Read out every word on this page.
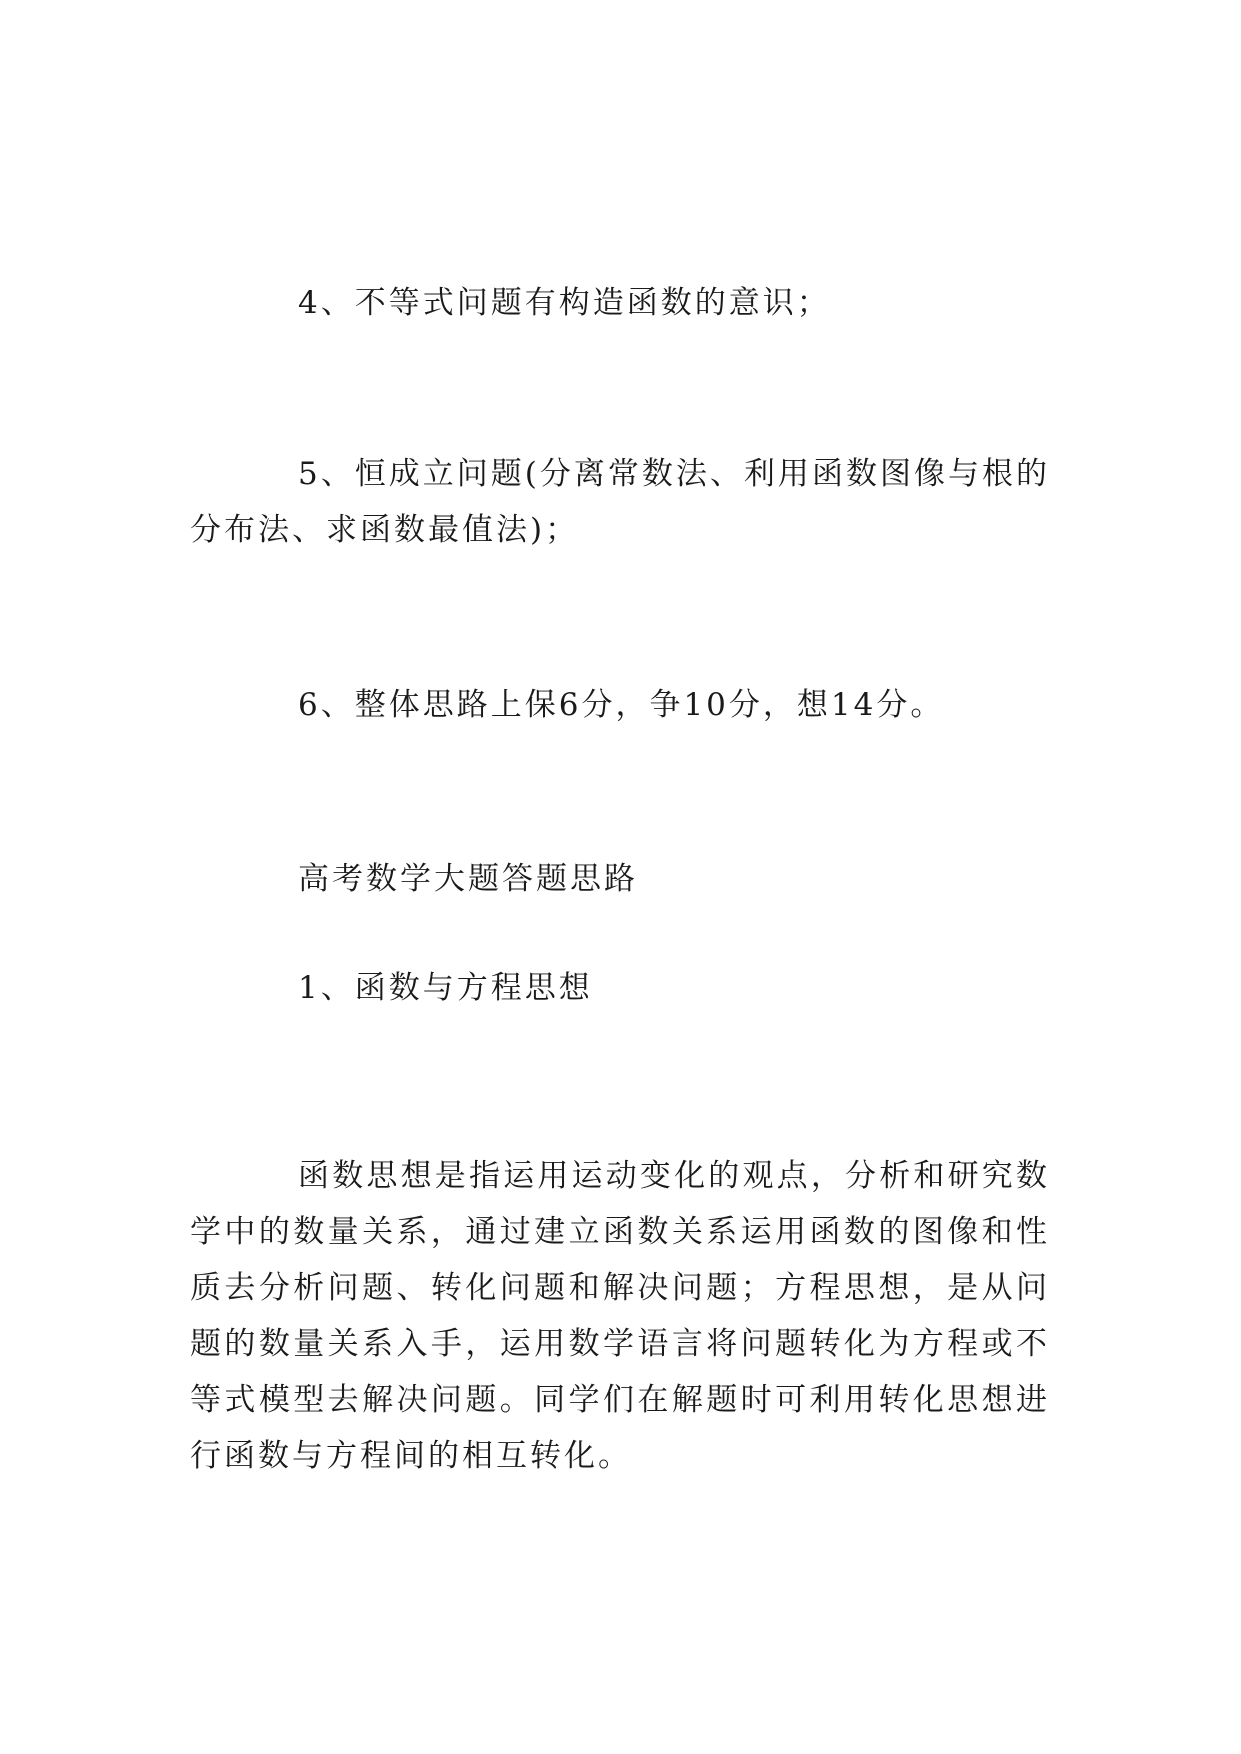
4、不等式问题有构造函数的意识；

5、恒成立问题(分离常数法、利用函数图像与根的分布法、求函数最值法)；

6、整体思路上保6分，争10分，想14分。

高考数学大题答题思路

1、函数与方程思想

函数思想是指运用运动变化的观点，分析和研究数学中的数量关系，通过建立函数关系运用函数的图像和性质去分析问题、转化问题和解决问题；方程思想，是从问题的数量关系入手，运用数学语言将问题转化为方程或不等式模型去解决问题。同学们在解题时可利用转化思想进行函数与方程间的相互转化。
